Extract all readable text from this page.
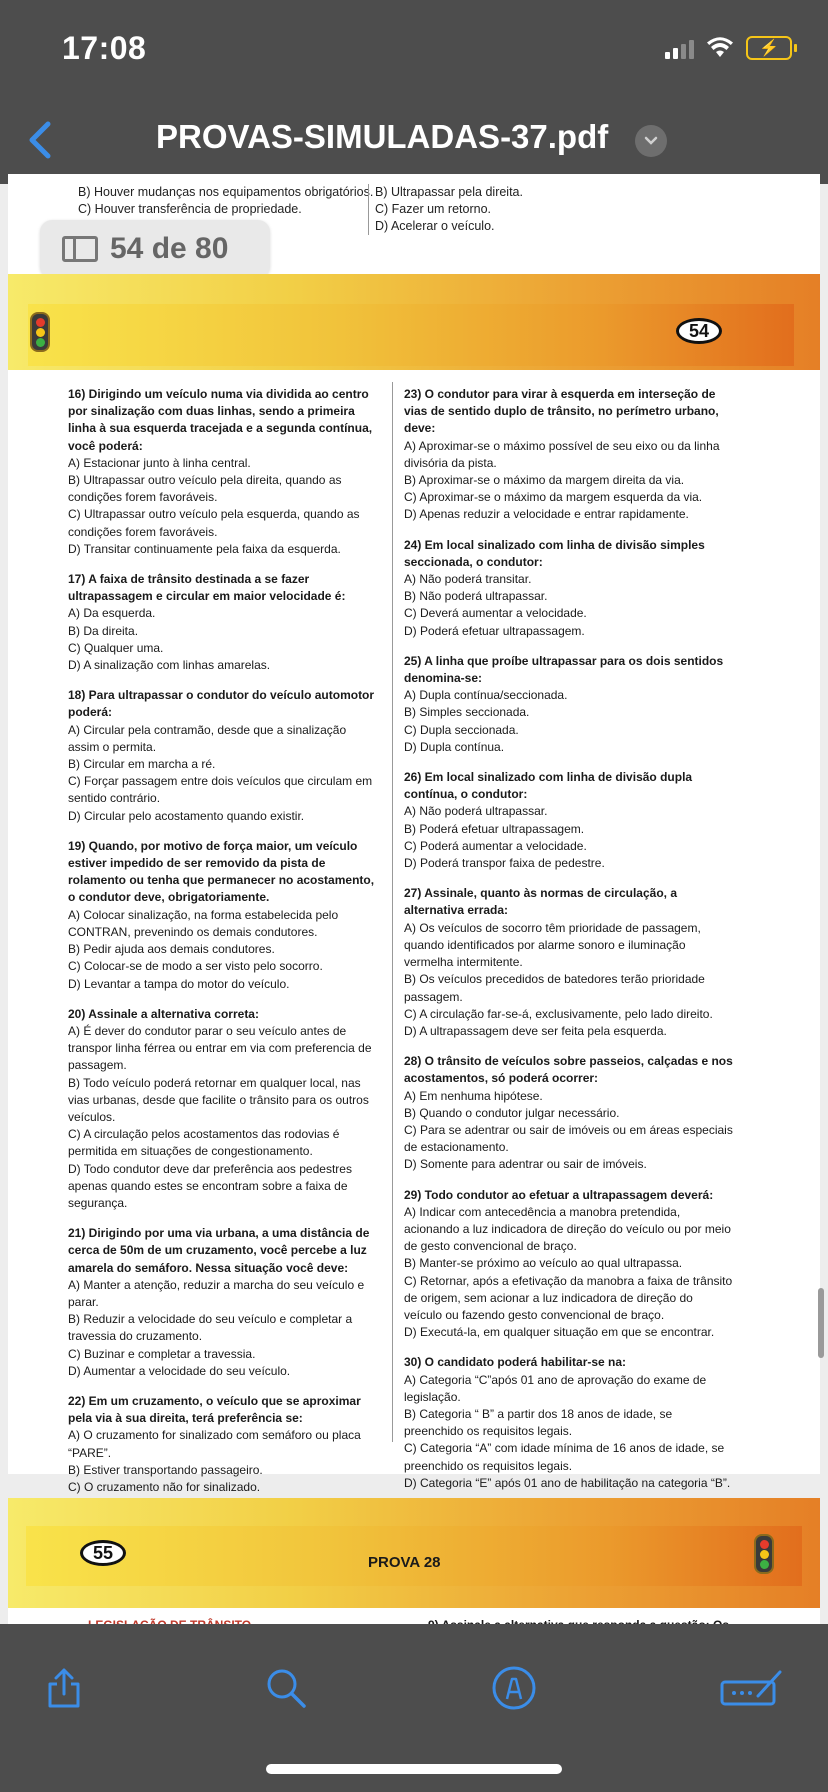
17:08	⚡
PROVAS-SIMULADAS-37.pdf
B) Houver mudanças nos equipamentos obrigatórios.
C) Houver transferência de propriedade.
B) Ultrapassar pela direita.
C) Fazer um retorno.
D) Acelerar o veículo.
54 de 80
54
16) Dirigindo um veículo numa via dividida ao centro por sinalização com duas linhas, sendo a primeira linha à sua esquerda tracejada e a segunda contínua, você poderá:
A) Estacionar junto à linha central.
B) Ultrapassar outro veículo pela direita, quando as condições forem favoráveis.
C) Ultrapassar outro veículo pela esquerda, quando as condições forem favoráveis.
D) Transitar continuamente pela faixa da esquerda.
17) A faixa de trânsito destinada a se fazer ultrapassagem e circular em maior velocidade é:
A) Da esquerda.
B) Da direita.
C) Qualquer uma.
D) A sinalização com linhas amarelas.
18) Para ultrapassar o condutor do veículo automotor poderá:
A) Circular pela contramão, desde que a sinalização assim o permita.
B) Circular em marcha a ré.
C) Forçar passagem entre dois veículos que circulam em sentido contrário.
D) Circular pelo acostamento quando existir.
19) Quando, por motivo de força maior, um veículo estiver impedido de ser removido da pista de rolamento ou tenha que permanecer no acostamento, o condutor deve, obrigatoriamente.
A) Colocar sinalização, na forma estabelecida pelo CONTRAN, prevenindo os demais condutores.
B) Pedir ajuda aos demais condutores.
C) Colocar-se de modo a ser visto pelo socorro.
D) Levantar a tampa do motor do veículo.
20) Assinale a alternativa correta:
A) É dever do condutor parar o seu veículo antes de transpor linha férrea ou entrar em via com preferencia de passagem.
B) Todo veículo poderá retornar em qualquer local, nas vias urbanas, desde que facilite o trânsito para os outros veículos.
C) A circulação pelos acostamentos das rodovias é permitida em situações de congestionamento.
D) Todo condutor deve dar preferência aos pedestres apenas quando estes se encontram sobre a faixa de segurança.
21) Dirigindo por uma via urbana, a uma distância de cerca de 50m de um cruzamento, você percebe a luz amarela do semáforo. Nessa situação você deve:
A) Manter a atenção, reduzir a marcha do seu veículo e parar.
B) Reduzir a velocidade do seu veículo e completar a travessia do cruzamento.
C) Buzinar e completar a travessia.
D) Aumentar a velocidade do seu veículo.
22) Em um cruzamento, o veículo que se aproximar pela via à sua direita, terá preferência se:
A) O cruzamento for sinalizado com semáforo ou placa “PARE”.
B) Estiver transportando passageiro.
C) O cruzamento não for sinalizado.
23) O condutor para virar à esquerda em interseção de vias de sentido duplo de trânsito, no perímetro urbano, deve:
A) Aproximar-se o máximo possível de seu eixo ou da linha divisória da pista.
B) Aproximar-se o máximo da margem direita da via.
C) Aproximar-se o máximo da margem esquerda da via.
D) Apenas reduzir a velocidade e entrar rapidamente.
24) Em local sinalizado com linha de divisão simples seccionada, o condutor:
A) Não poderá transitar.
B) Não poderá ultrapassar.
C) Deverá aumentar a velocidade.
D) Poderá efetuar ultrapassagem.
25) A linha que proíbe ultrapassar para os dois sentidos denomina-se:
A) Dupla contínua/seccionada.
B) Simples seccionada.
C) Dupla seccionada.
D) Dupla contínua.
26) Em local sinalizado com linha de divisão dupla contínua, o condutor:
A) Não poderá ultrapassar.
B) Poderá efetuar ultrapassagem.
C) Poderá aumentar a velocidade.
D) Poderá transpor faixa de pedestre.
27) Assinale, quanto às normas de circulação, a alternativa errada:
A) Os veículos de socorro têm prioridade de passagem, quando identificados por alarme sonoro e iluminação vermelha intermitente.
B) Os veículos precedidos de batedores terão prioridade passagem.
C) A circulação far-se-á, exclusivamente, pelo lado direito.
D) A ultrapassagem deve ser feita pela esquerda.
28) O trânsito de veículos sobre passeios, calçadas e nos acostamentos, só poderá ocorrer:
A) Em nenhuma hipótese.
B) Quando o condutor julgar necessário.
C) Para se adentrar ou sair de imóveis ou em áreas especiais de estacionamento.
D) Somente para adentrar ou sair de imóveis.
29) Todo condutor ao efetuar a ultrapassagem deverá:
A) Indicar com antecedência a manobra pretendida, acionando a luz indicadora de direção do veículo ou por meio de gesto convencional de braço.
B) Manter-se próximo ao veículo ao qual ultrapassa.
C) Retornar, após a efetivação da manobra a faixa de trânsito de origem, sem acionar a luz indicadora de direção do veículo ou fazendo gesto convencional de braço.
D) Executá-la, em qualquer situação em que se encontrar.
30) O candidato poderá habilitar-se na:
A) Categoria “C”após 01 ano de aprovação do exame de legislação.
B) Categoria “ B” a partir dos 18 anos de idade, se preenchido os requisitos legais.
C) Categoria “A” com idade mínima de 16 anos de idade, se preenchido os requisitos legais.
D) Categoria “E” após 01 ano de habilitação na categoria “B”.
55	PROVA 28
